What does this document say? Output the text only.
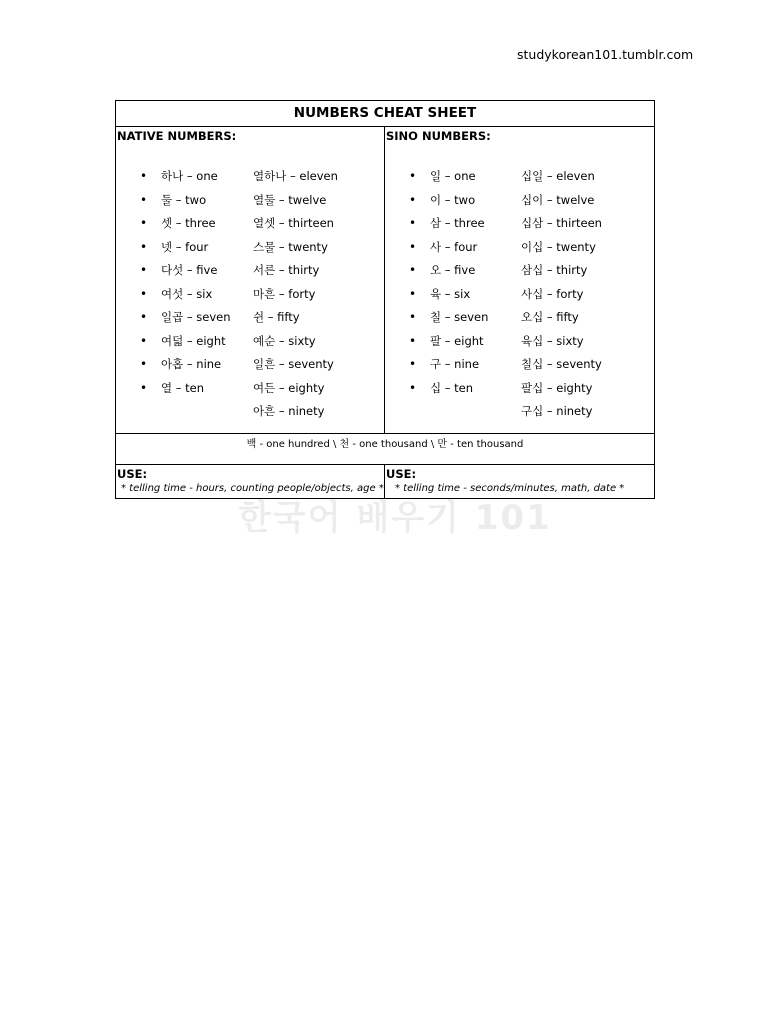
studykorean101.tumblr.com
한국어 배우기 101
NUMBERS CHEAT SHEET
NATIVE NUMBERS:
• 하나 – one
• 둘 – two
• 셋 – three
• 넷 – four
• 다섯 – five
• 여섯 – six
• 일곱 – seven
• 여덟 – eight
• 아홉 – nine
• 열 – ten
열하나 – eleven
열둘 – twelve
열셋 – thirteen
스물 – twenty
서른 – thirty
마흔 – forty
쉰 – fifty
예순 – sixty
일흔 – seventy
여든 – eighty
아흔 – ninety
SINO NUMBERS:
• 일 – one
• 이 – two
• 삼 – three
• 사 – four
• 오 – five
• 육 – six
• 칠 – seven
• 팔 – eight
• 구 – nine
• 십 – ten
십일 – eleven
십이 – twelve
십삼 – thirteen
이십 – twenty
삼십 – thirty
사십 – forty
오십 – fifty
육십 – sixty
칠십 – seventy
팔십 – eighty
구십 – ninety
백 - one hundred \ 천 - one thousand \ 만 - ten thousand
USE:
* telling time - hours, counting people/objects, age *
USE:
* telling time - seconds/minutes, math, date *
